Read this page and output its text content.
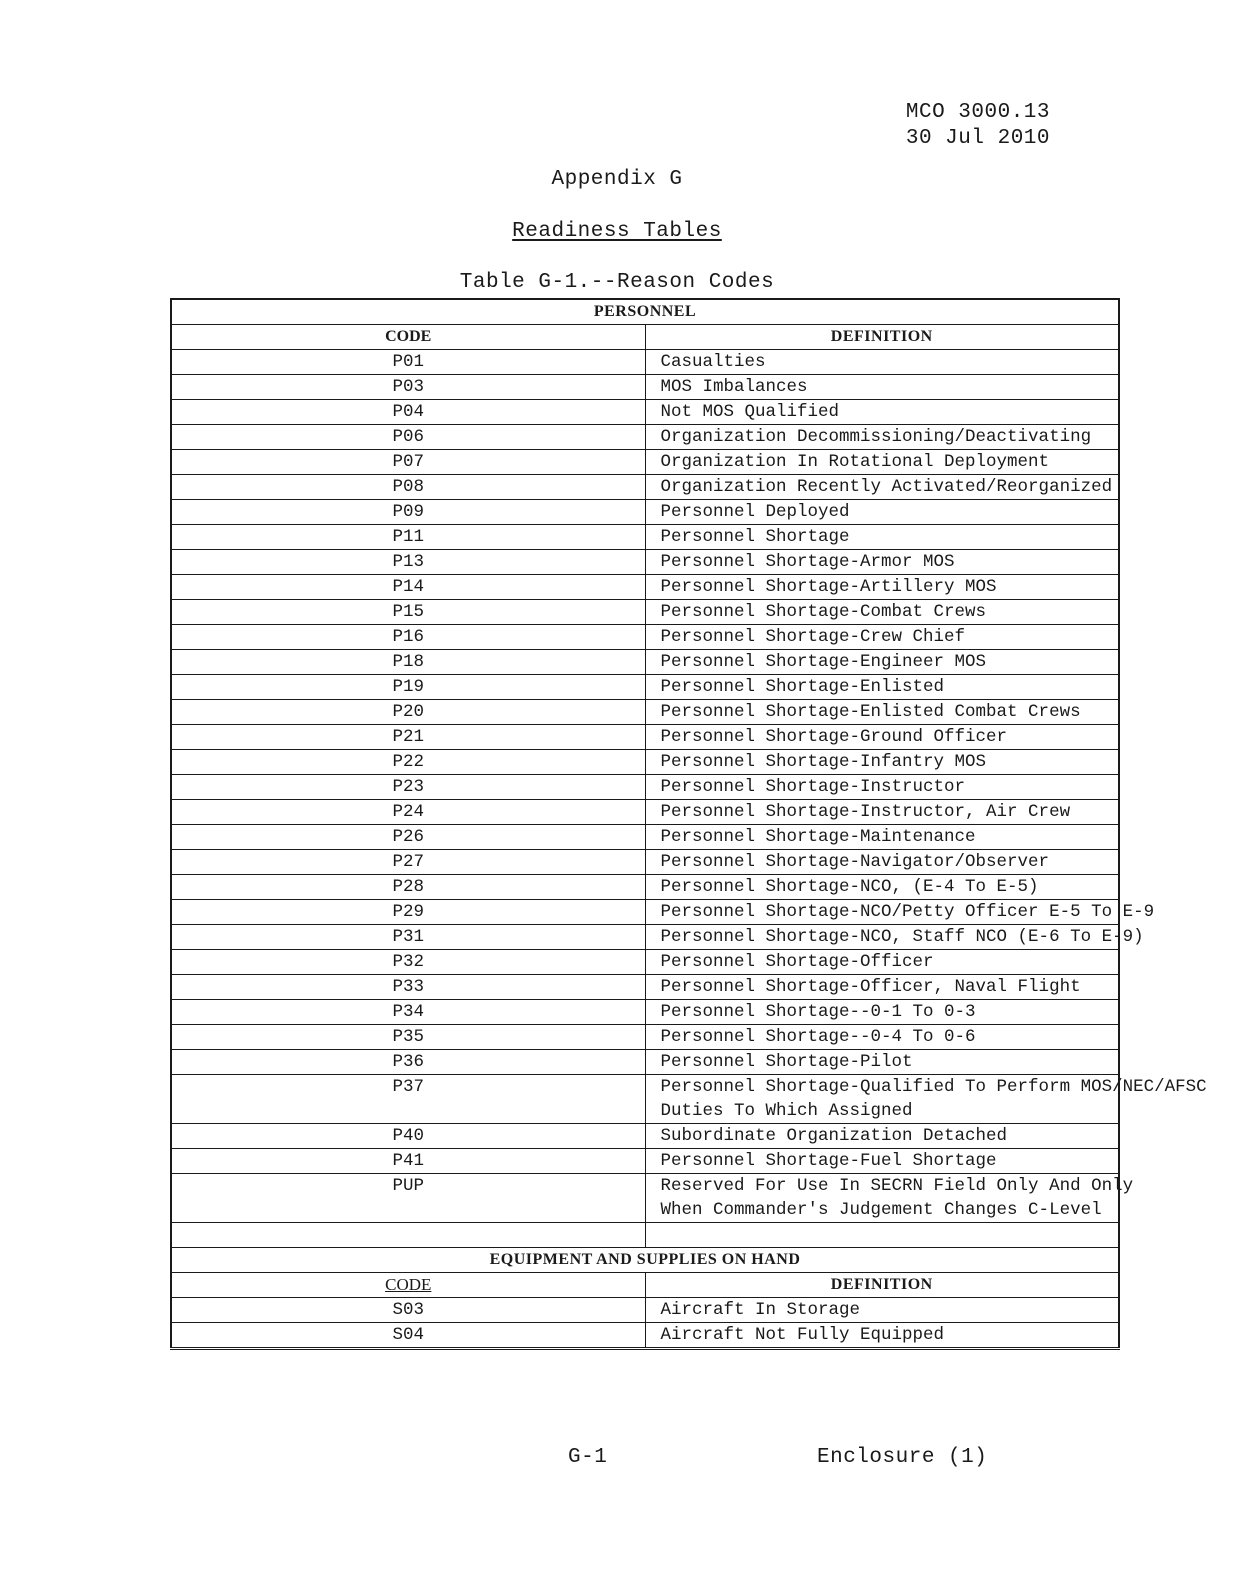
MCO 3000.13
30 Jul 2010
Appendix G
Readiness Tables
Table G-1.--Reason Codes
PERSONNEL	
CODE	DEFINITION
P01	Casualties
P03	MOS Imbalances
P04	Not MOS Qualified
P06	Organization Decommissioning/Deactivating
P07	Organization In Rotational Deployment
P08	Organization Recently Activated/Reorganized
P09	Personnel Deployed
P11	Personnel Shortage
P13	Personnel Shortage-Armor MOS
P14	Personnel Shortage-Artillery MOS
P15	Personnel Shortage-Combat Crews
P16	Personnel Shortage-Crew Chief
P18	Personnel Shortage-Engineer MOS
P19	Personnel Shortage-Enlisted
P20	Personnel Shortage-Enlisted Combat Crews
P21	Personnel Shortage-Ground Officer
P22	Personnel Shortage-Infantry MOS
P23	Personnel Shortage-Instructor
P24	Personnel Shortage-Instructor, Air Crew
P26	Personnel Shortage-Maintenance
P27	Personnel Shortage-Navigator/Observer
P28	Personnel Shortage-NCO, (E-4 To E-5)
P29	Personnel Shortage-NCO/Petty Officer E-5 To E-9
P31	Personnel Shortage-NCO, Staff NCO (E-6 To E-9)
P32	Personnel Shortage-Officer
P33	Personnel Shortage-Officer, Naval Flight
P34	Personnel Shortage--0-1 To 0-3
P35	Personnel Shortage--0-4 To 0-6
P36	Personnel Shortage-Pilot
P37	Personnel Shortage-Qualified To Perform MOS/NEC/AFSC
Duties To Which Assigned

P40	Subordinate Organization Detached
P41	Personnel Shortage-Fuel Shortage
PUP	Reserved For Use In SECRN Field Only And Only
When Commander's Judgement Changes C-Level

EQUIPMENT AND SUPPLIES ON HAND	
CODE	DEFINITION
S03	Aircraft In Storage
S04	Aircraft Not Fully Equipped
G-1	Enclosure (1)
